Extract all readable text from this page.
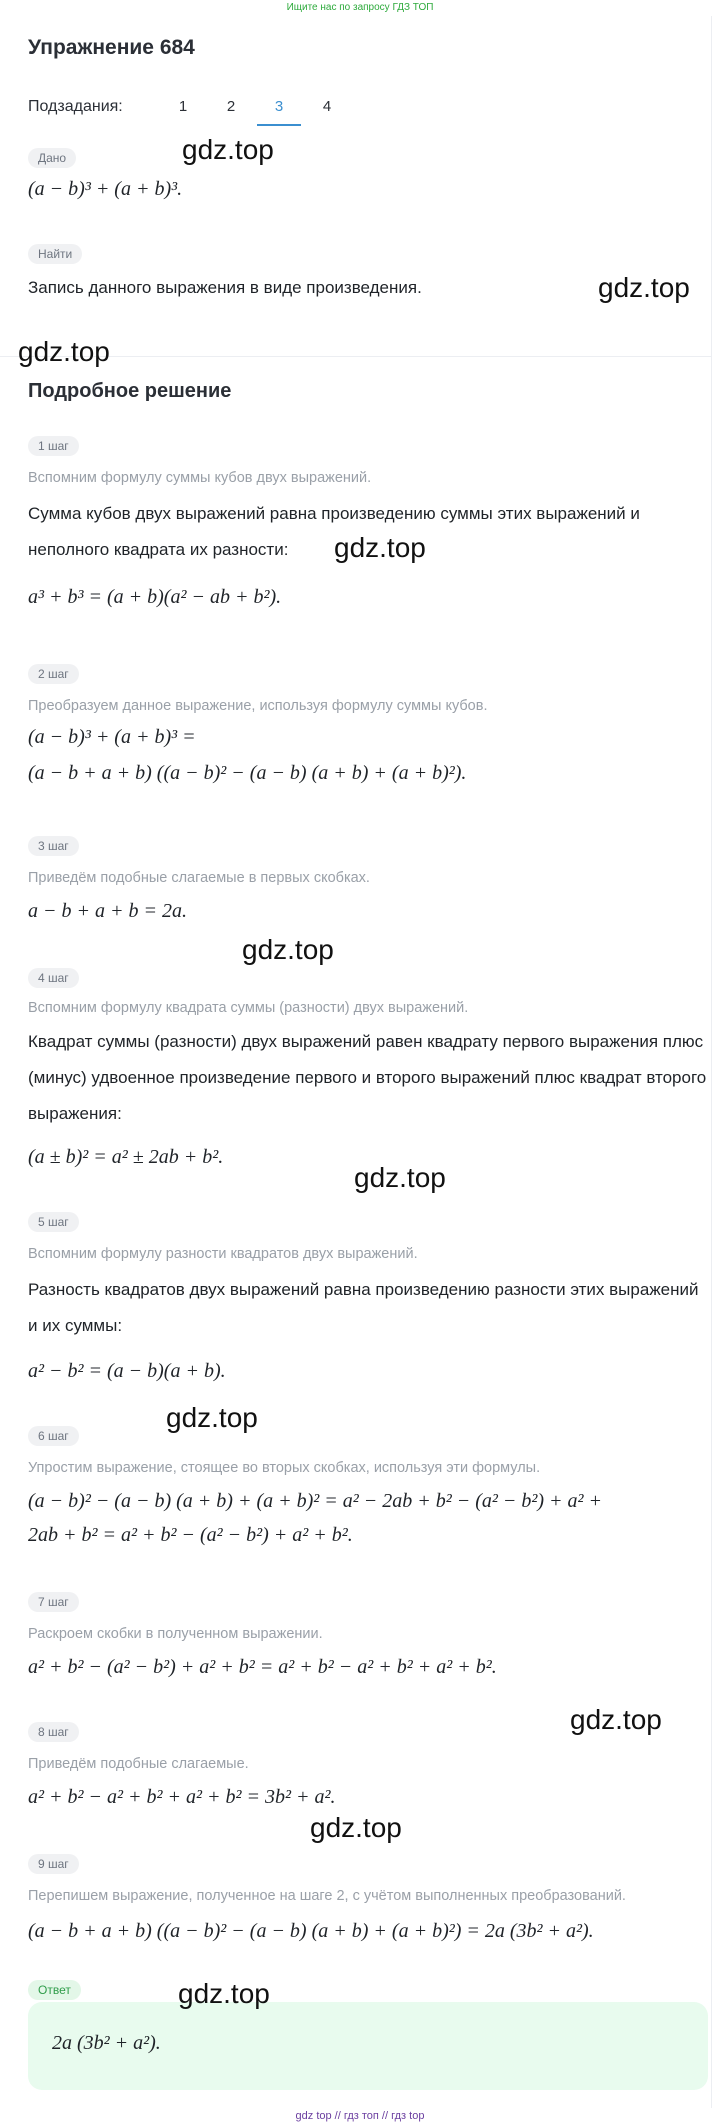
Ищите нас по запросу ГДЗ ТОП
Упражнение 684
Подзадания:	1	2	3	4
Дано
(a − b)³ + (a + b)³.
Найти
Запись данного выражения в виде произведения.
Подробное решение
1 шаг
Вспомним формулу суммы кубов двух выражений.
Сумма кубов двух выражений равна произведению суммы этих выражений и неполного квадрата их разности:
a³ + b³ = (a + b)(a² − ab + b²).
2 шаг
Преобразуем данное выражение, используя формулу суммы кубов.
(a − b)³ + (a + b)³ =
(a − b + a + b) ((a − b)² − (a − b) (a + b) + (a + b)²).
3 шаг
Приведём подобные слагаемые в первых скобках.
a − b + a + b = 2a.
4 шаг
Вспомним формулу квадрата суммы (разности) двух выражений.
Квадрат суммы (разности) двух выражений равен квадрату первого выражения плюс (минус) удвоенное произведение первого и второго выражений плюс квадрат второго выражения:
(a ± b)² = a² ± 2ab + b².
5 шаг
Вспомним формулу разности квадратов двух выражений.
Разность квадратов двух выражений равна произведению разности этих выражений и их суммы:
a² − b² = (a − b)(a + b).
6 шаг
Упростим выражение, стоящее во вторых скобках, используя эти формулы.
(a − b)² − (a − b) (a + b) + (a + b)² = a² − 2ab + b² − (a² − b²) + a² +
2ab + b² = a² + b² − (a² − b²) + a² + b².
7 шаг
Раскроем скобки в полученном выражении.
a² + b² − (a² − b²) + a² + b² = a² + b² − a² + b² + a² + b².
8 шаг
Приведём подобные слагаемые.
a² + b² − a² + b² + a² + b² = 3b² + a².
9 шаг
Перепишем выражение, полученное на шаге 2, с учётом выполненных преобразований.
(a − b + a + b) ((a − b)² − (a − b) (a + b) + (a + b)²) = 2a (3b² + a²).
Ответ
2a (3b² + a²).
gdz.top
gdz.top
gdz.top
gdz.top
gdz.top
gdz.top
gdz.top
gdz.top
gdz.top
gdz.top
gdz top // гдз топ // гдз top
